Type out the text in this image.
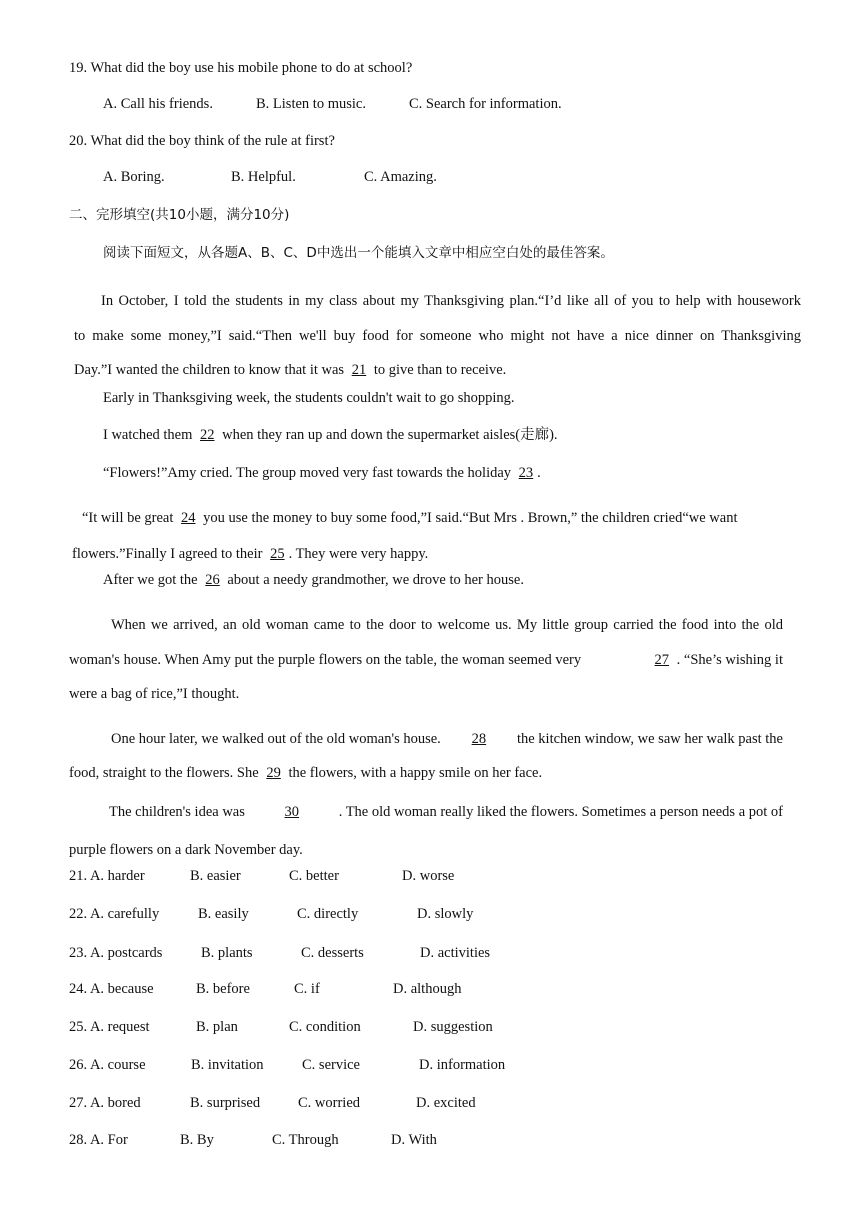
19. What did the boy use his mobile phone to do at school?
A. Call his friends.	B. Listen to music.	C. Search for information.
20. What did the boy think of the rule at first?
A. Boring.	B. Helpful.	C. Amazing.
二、完形填空(共10小题，满分10分)
阅读下面短文，从各题A、B、C、D中选出一个能填入文章中相应空白处的最佳答案。
In October, I told the students in my class about my Thanksgiving plan.“I’d like all of you to help with housework
to make some money,”I said.“Then we'll buy food for someone who might not have a nice dinner on Thanksgiving
Day.”I wanted the children to know that it was 21 to give than to receive.
Early in Thanksgiving week, the students couldn't wait to go shopping.
I watched them 22 when they ran up and down the supermarket aisles(走廊).
“Flowers!”Amy cried. The group moved very fast towards the holiday 23 .
“It will be great 24 you use the money to buy some food,”I said.“But Mrs . Brown,” the children cried“we want
flowers.”Finally I agreed to their 25 . They were very happy.
After we got the 26 about a needy grandmother, we drove to her house.
When we arrived, an old woman came to the door to welcome us. My little group carried the food into the old
woman's house. When Amy put the purple flowers on the table, the woman seemed very	27 . “She’s wishing it
were a bag of rice,”I thought.
One hour later, we walked out of the old woman's house. 28 the kitchen window, we saw her walk past the
food, straight to the flowers. She 29 the flowers, with a happy smile on her face.
The children's idea was	30	. The old woman really liked the flowers. Sometimes a person needs a pot of
purple flowers on a dark November day.
21. A. harder	B. easier	C. better	D. worse
22. A. carefully	B. easily	C. directly	D. slowly
23. A. postcards	B. plants	C. desserts	D. activities
24. A. because	B. before	C. if	D. although
25. A. request	B. plan	C. condition	D. suggestion
26. A. course	B. invitation	C. service	D. information
27. A. bored	B. surprised	C. worried	D. excited
28. A. For	B. By	C. Through	D. With
